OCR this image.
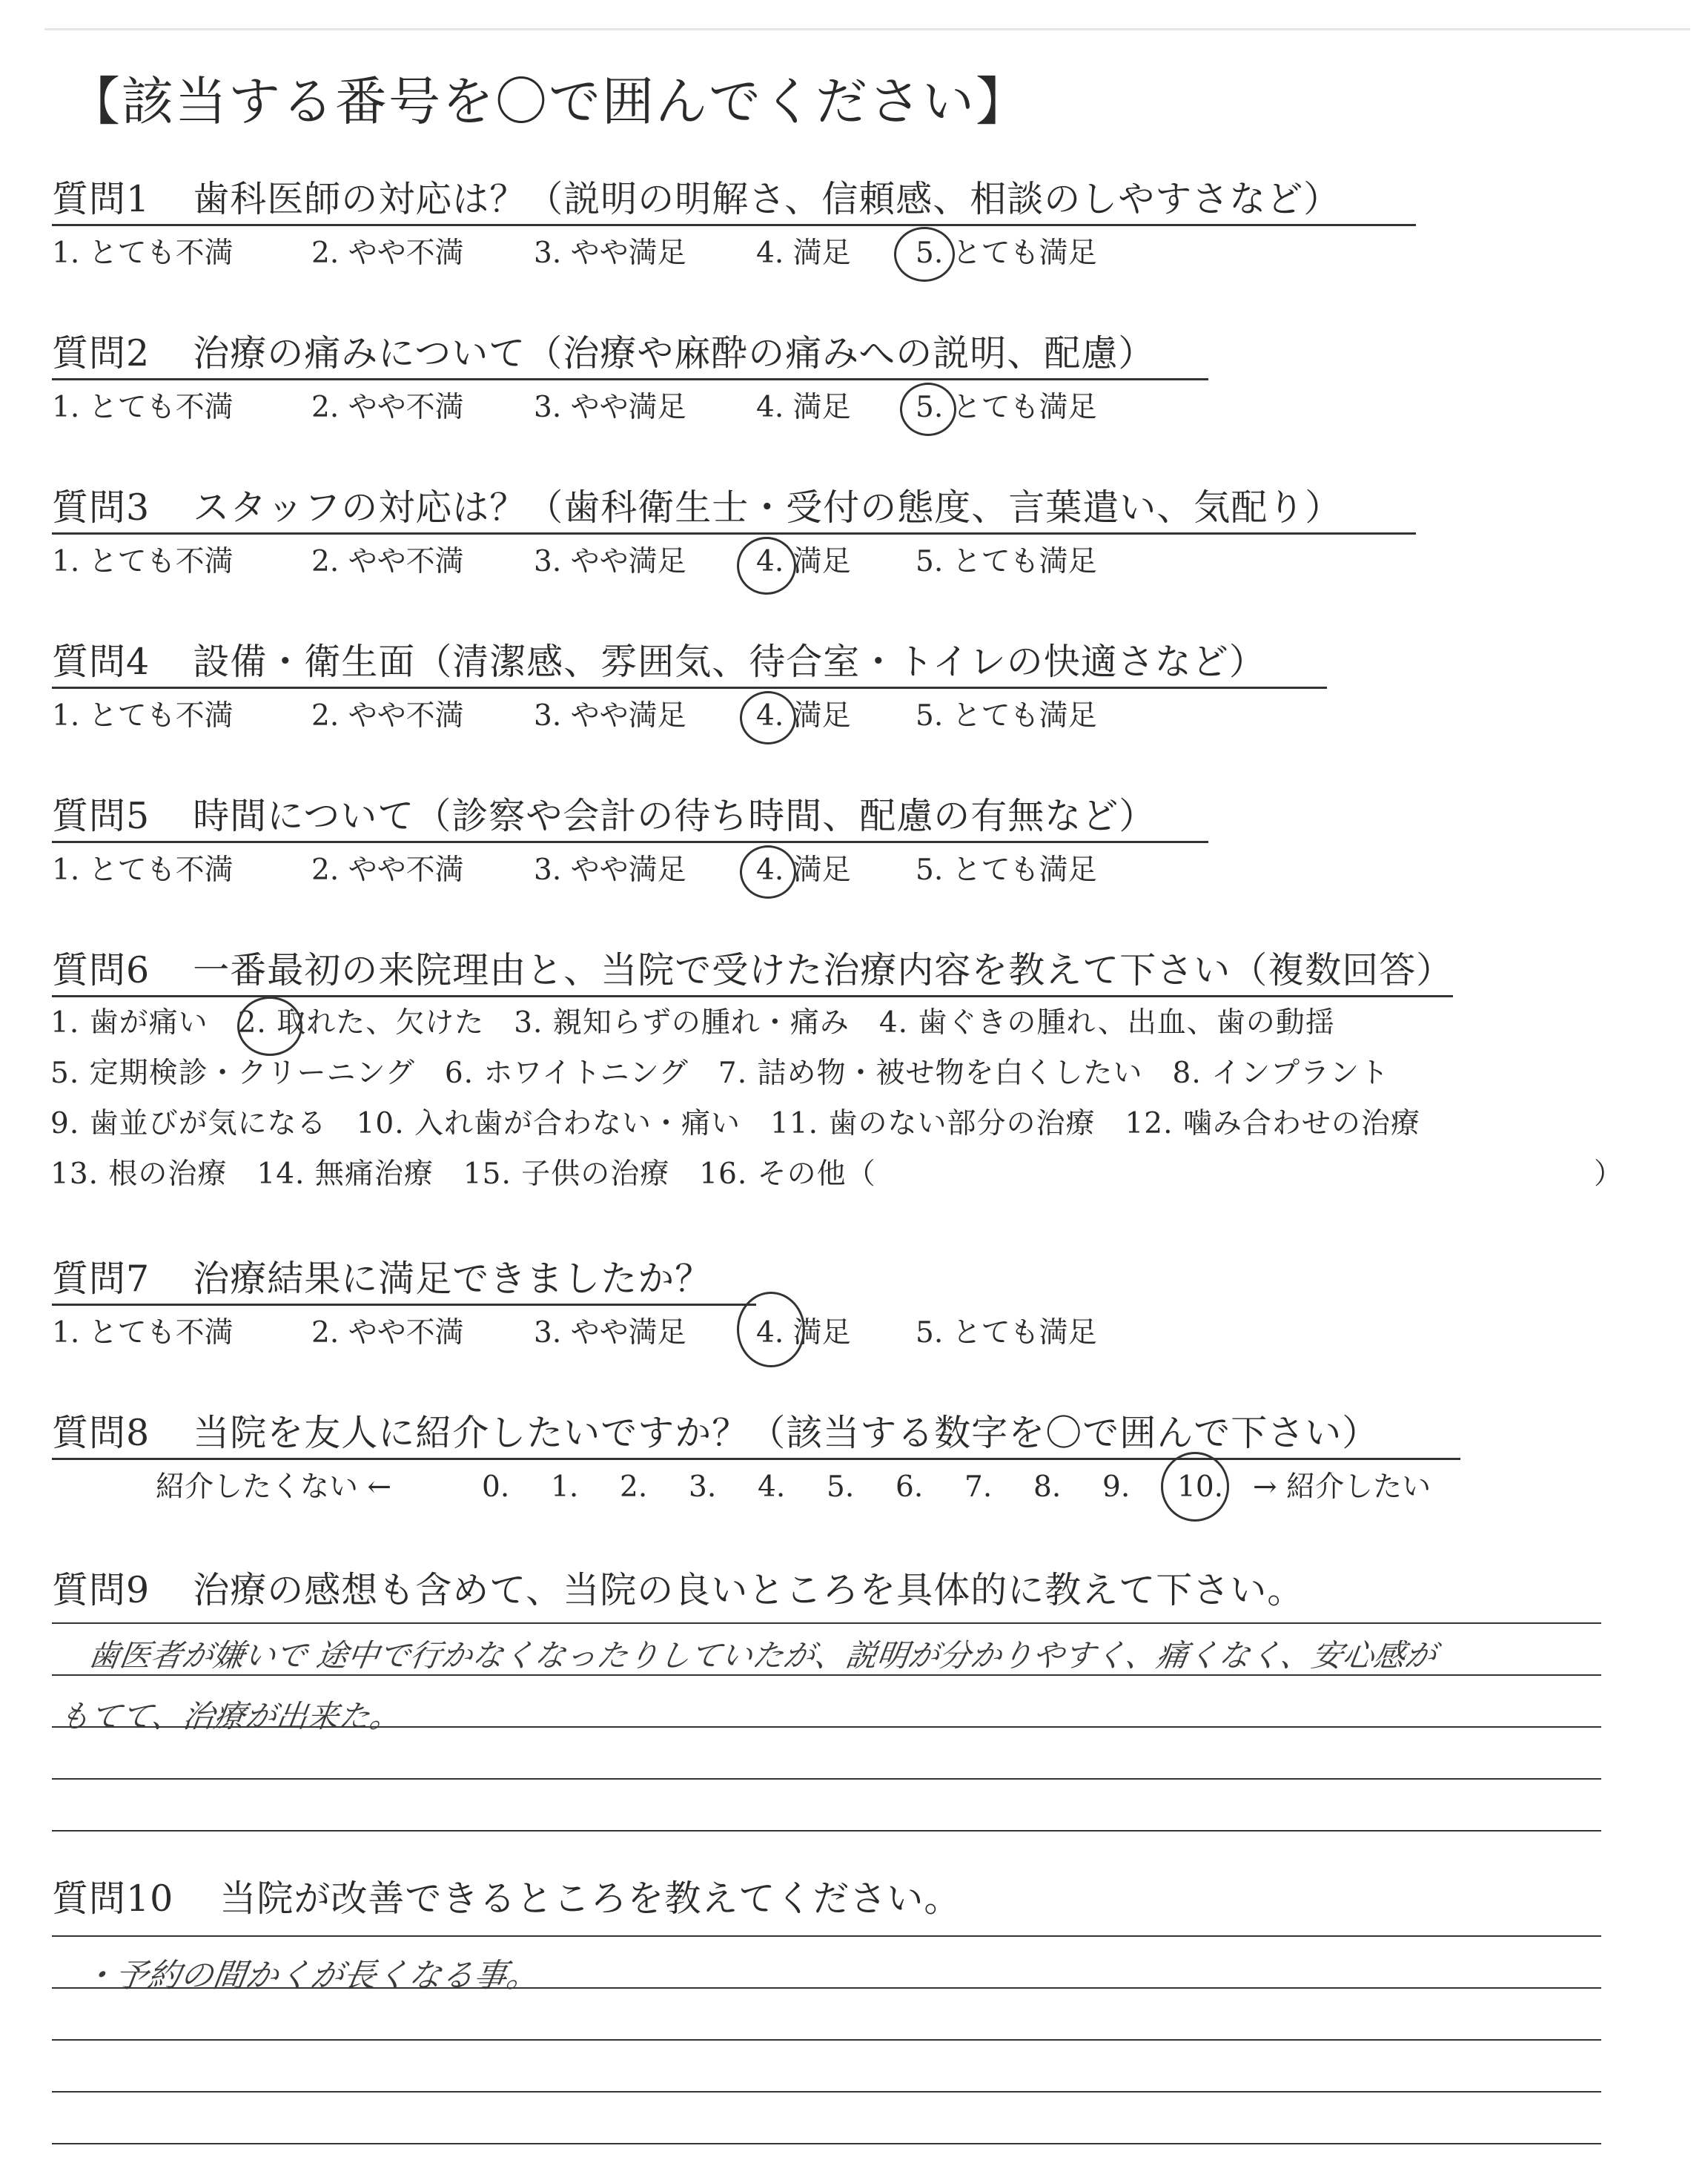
【該当する番号を〇で囲んでください】
質問1 歯科医師の対応は？（説明の明解さ、信頼感、相談のしやすさなど）
1. とても不満	2. やや不満 3. やや満足 4. 満足 5. とても満足
質問2 治療の痛みについて（治療や麻酔の痛みへの説明、配慮）
1. とても不満	2. やや不満 3. やや満足 4. 満足 5. とても満足
質問3 スタッフの対応は？（歯科衛生士・受付の態度、言葉遣い、気配り）
1. とても不満	2. やや不満 3. やや満足 4. 満足 5. とても満足
質問4 設備・衛生面（清潔感、雰囲気、待合室・トイレの快適さなど）
1. とても不満	2. やや不満 3. やや満足 4. 満足 5. とても満足
質問5 時間について（診察や会計の待ち時間、配慮の有無など）
1. とても不満	2. やや不満 3. やや満足 4. 満足 5. とても満足
質問6 一番最初の来院理由と、当院で受けた治療内容を教えて下さい（複数回答）
1. 歯が痛い　2. 取れた、欠けた　3. 親知らずの腫れ・痛み　4. 歯ぐきの腫れ、出血、歯の動揺
5. 定期検診・クリーニング　6. ホワイトニング　7. 詰め物・被せ物を白くしたい　8. インプラント
9. 歯並びが気になる　10. 入れ歯が合わない・痛い　11. 歯のない部分の治療　12. 噛み合わせの治療
13. 根の治療　14. 無痛治療　15. 子供の治療　16. その他（	）
質問7 治療結果に満足できましたか？
1. とても不満	2. やや不満 3. やや満足 4. 満足 5. とても満足
質問8 当院を友人に紹介したいですか？（該当する数字を〇で囲んで下さい）
紹介したくない ←	0. 1. 2. 3. 4. 5. 6. 7. 8. 9. 10. → 紹介したい
質問9 治療の感想も含めて、当院の良いところを具体的に教えて下さい。
歯医者が嫌いで 途中で行かなくなったりしていたが、説明が分かりやすく、痛くなく、安心感が
もてて、治療が出来た。
質問10 当院が改善できるところを教えてください。
・予約の間かくが長くなる事。
